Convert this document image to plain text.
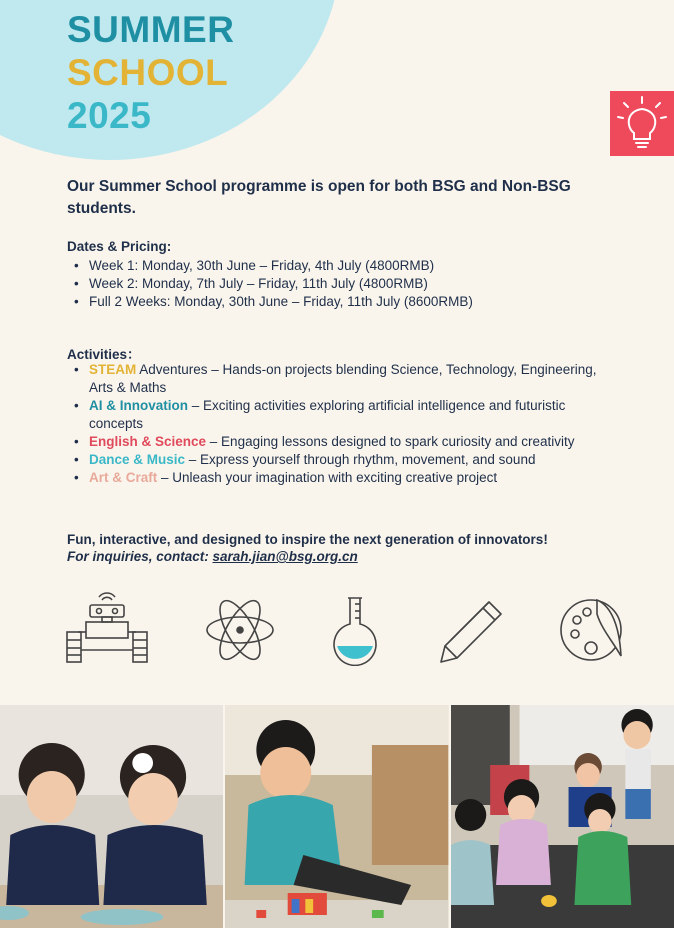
SUMMER
SCHOOL
2025
Our Summer School programme is open for both BSG and Non-BSG students.
Dates & Pricing:
• Week 1: Monday, 30th June – Friday, 4th July (4800RMB)
• Week 2: Monday, 7th July – Friday, 11th July (4800RMB)
• Full 2 Weeks: Monday, 30th June – Friday, 11th July (8600RMB)
Activities：
• STEAM Adventures – Hands-on projects blending Science, Technology, Engineering, Arts & Maths
• AI & Innovation – Exciting activities exploring artificial intelligence and futuristic concepts
• English & Science – Engaging lessons designed to spark curiosity and creativity
• Dance & Music – Express yourself through rhythm, movement, and sound
• Art & Craft – Unleash your imagination with exciting creative project
Fun, interactive, and designed to inspire the next generation of innovators!
For inquiries, contact: sarah.jian@bsg.org.cn
